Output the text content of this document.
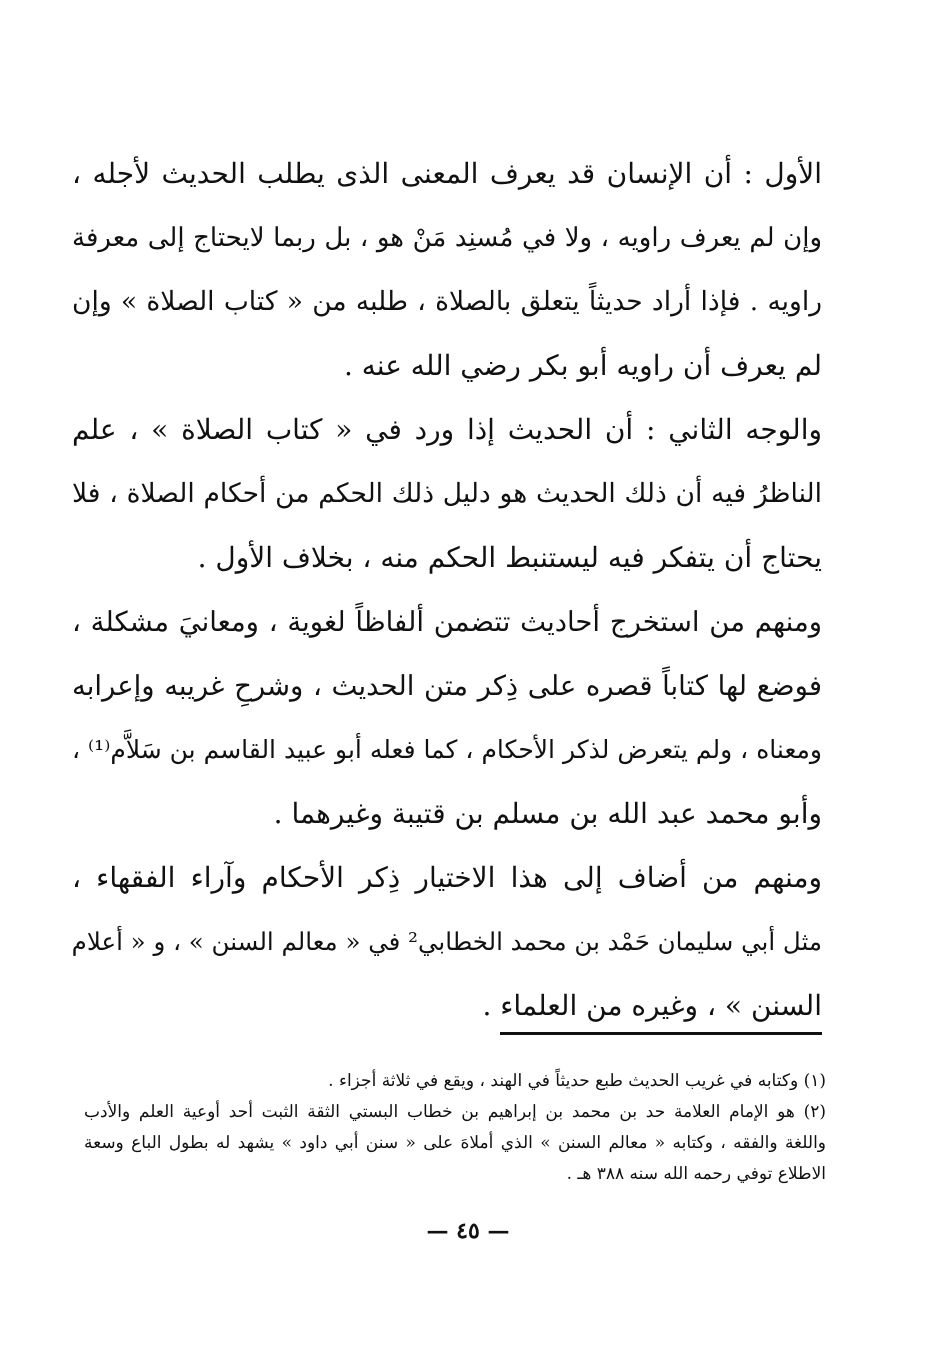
الأول : أن الإنسان قد يعرف المعنى الذى يطلب الحديث لأجله ،
وإن لم يعرف راويه ، ولا في مُسنِد مَنْ هو ، بل ربما لايحتاج إلى معرفة
راويه . فإذا أراد حديثاً يتعلق بالصلاة ، طلبه من « كتاب الصلاة » وإن
لم يعرف أن راويه أبو بكر رضي الله عنه .
والوجه الثاني : أن الحديث إذا ورد في « كتاب الصلاة » ، علم
الناظرُ فيه أن ذلك الحديث هو دليل ذلك الحكم من أحكام الصلاة ، فلا
يحتاج أن يتفكر فيه ليستنبط الحكم منه ، بخلاف الأول .
ومنهم من استخرج أحاديث تتضمن ألفاظاً لغوية ، ومعانيَ مشكلة ،
فوضع لها كتاباً قصره على ذِكر متن الحديث ، وشرحِ غريبه وإعرابه
ومعناه ، ولم يتعرض لذكر الأحكام ، كما فعله أبو عبيد القاسم بن سَلاَّم⁽¹⁾ ،
وأبو محمد عبد الله بن مسلم بن قتيبة وغيرهما .
ومنهم من أضاف إلى هذا الاختيار ذِكر الأحكام وآراء الفقهاء ،
مثل أبي سليمان حَمْد بن محمد الخطابي² في « معالم السنن » ، و « أعلام
السنن » ، وغيره من العلماء .
(١) وكتابه في غريب الحديث طبع حديثاً في الهند ، ويقع في ثلاثة أجزاء .
(٢) هو الإمام العلامة حد بن محمد بن إبراهيم بن خطاب البستي الثقة الثبت أحد أوعية العلم والأدب
واللغة والفقه ، وكتابه « معالم السنن » الذي أملاهَ على « سنن أبي داود » يشهد له بطول الباع وسعة
الاطلاع توفي رحمه الله سنه ٣٨٨ هـ .
— ٤٥ —
